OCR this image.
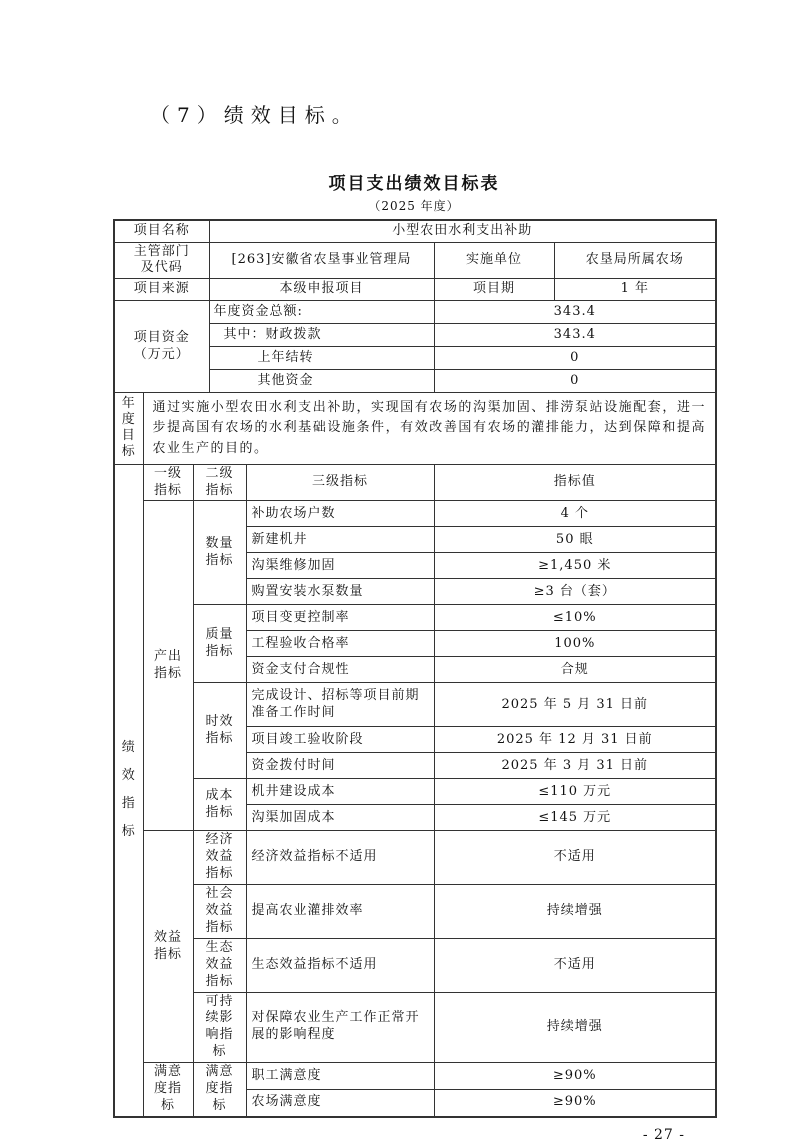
（7）绩效目标。
项目支出绩效目标表
（2025 年度）
项目名称			小型农田水利支出补助			

主管部门
及代码			[263]安徽省农垦事业管理局		实施单位	农垦局所属农场
项目来源			本级申报项目		项目期	1 年

项目资金
（万元）			年度资金总额:		343.4	
			其中：财政拨款		343.4	
			上年结转		0	
			其他资金		0	

年度目标	通过实施小型农田水利支出补助，实现国有农场的沟渠加固、排涝泵站设施配套，进一步提高国有农场的水利基础设施条件，有效改善国有农场的灌排能力，达到保障和提高农业生产的目的。					

绩效指标	一级指标	二级指标		三级指标	指标值	

	产出指标	数量指标		补助农场户数	4 个	
				新建机井	50 眼	
				沟渠维修加固	≥1,450 米	
				购置安装水泵数量	≥3 台（套）	

		质量指标		项目变更控制率	≤10%	
				工程验收合格率	100%	
				资金支付合规性	合规	

		时效指标		完成设计、招标等项目前期准备工作时间	2025 年 5 月 31 日前	
				项目竣工验收阶段	2025 年 12 月 31 日前	
				资金拨付时间	2025 年 3 月 31 日前	

		成本指标		机井建设成本	≤110 万元	
				沟渠加固成本	≤145 万元	

	效益指标	经济效益指标		经济效益指标不适用	不适用	

		社会效益指标		提高农业灌排效率	持续增强	

		生态效益指标		生态效益指标不适用	不适用	

		可持续影响指标		对保障农业生产工作正常开展的影响程度	持续增强	

	满意度指标	满意度指标		职工满意度	≥90%	
				农场满意度	≥90%	
- 27 -
